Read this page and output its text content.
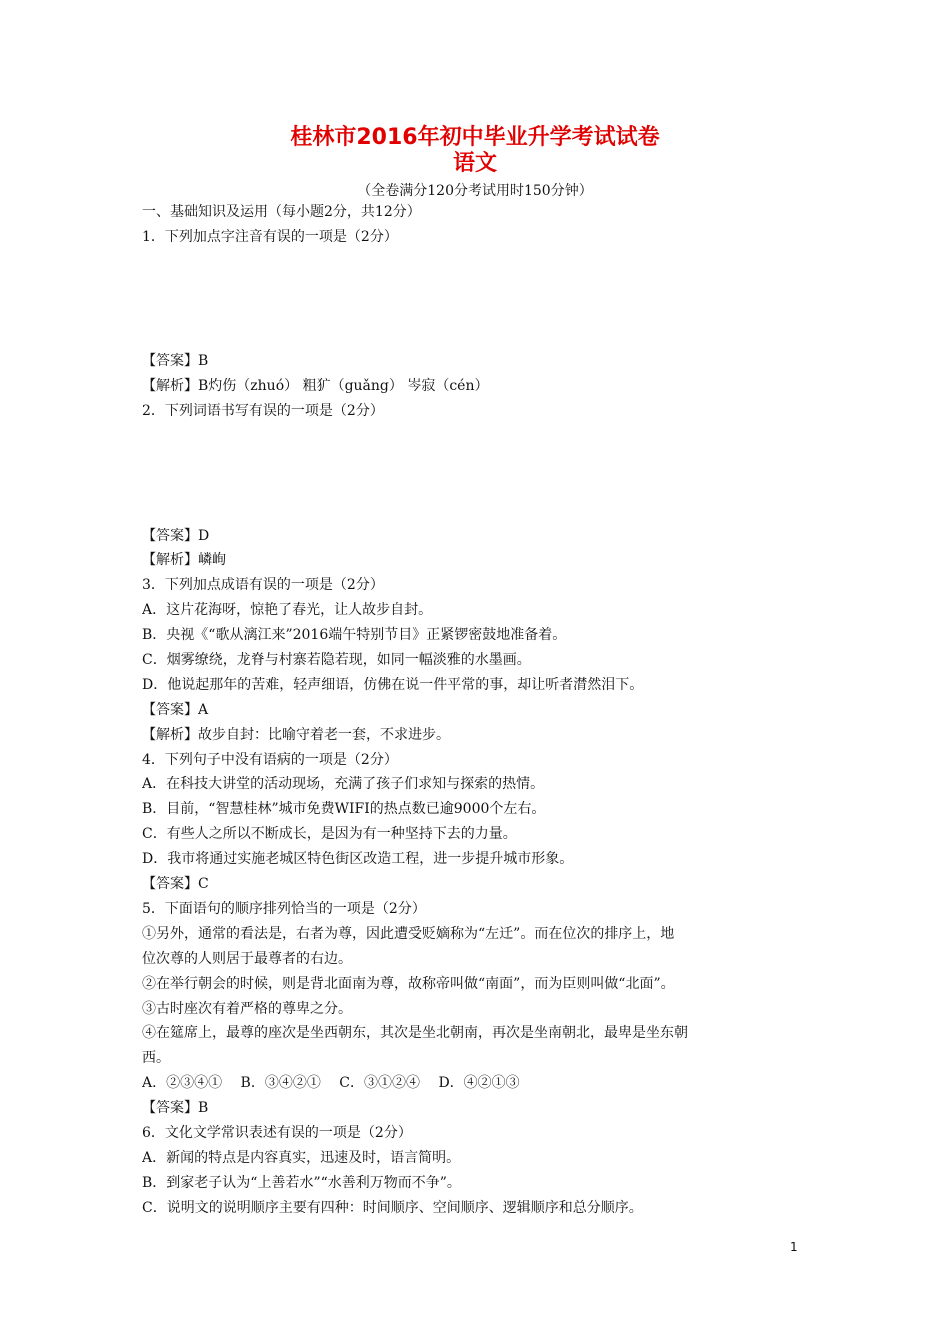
桂林市2016年初中毕业升学考试试卷
语文
（全卷满分120分考试用时150分钟）
一、基础知识及运用（每小题2分，共12分）
1．下列加点字注音有误的一项是（2分）

【答案】B
【解析】B灼伤（zhuó） 粗犷（guǎng） 岑寂（cén）
2．下列词语书写有误的一项是（2分）

【答案】D
【解析】嶙峋
3．下列加点成语有误的一项是（2分）
A．这片花海呀，惊艳了春光，让人故步自封。
B．央视《“歌从漓江来”2016端午特别节目》正紧锣密鼓地准备着。
C．烟雾缭绕，龙脊与村寨若隐若现，如同一幅淡雅的水墨画。
D．他说起那年的苦难，轻声细语，仿佛在说一件平常的事，却让听者潸然泪下。
【答案】A
【解析】故步自封：比喻守着老一套，不求进步。
4．下列句子中没有语病的一项是（2分）
A．在科技大讲堂的活动现场，充满了孩子们求知与探索的热情。
B．目前，“智慧桂林”城市免费WIFI的热点数已逾9000个左右。
C．有些人之所以不断成长，是因为有一种坚持下去的力量。
D．我市将通过实施老城区特色街区改造工程，进一步提升城市形象。
【答案】C
5．下面语句的顺序排列恰当的一项是（2分）
①另外，通常的看法是，右者为尊，因此遭受贬嫡称为“左迁”。而在位次的排序上，地
位次尊的人则居于最尊者的右边。
②在举行朝会的时候，则是背北面南为尊，故称帝叫做“南面”，而为臣则叫做“北面”。
③古时座次有着严格的尊卑之分。
④在筵席上，最尊的座次是坐西朝东，其次是坐北朝南，再次是坐南朝北，最卑是坐东朝
西。
A．②③④①　 B．③④②①　 C．③①②④　 D．④②①③
【答案】B
6．文化文学常识表述有误的一项是（2分）
A．新闻的特点是内容真实，迅速及时，语言简明。
B．到家老子认为“上善若水”“水善利万物而不争”。
C．说明文的说明顺序主要有四种：时间顺序、空间顺序、逻辑顺序和总分顺序。
1
